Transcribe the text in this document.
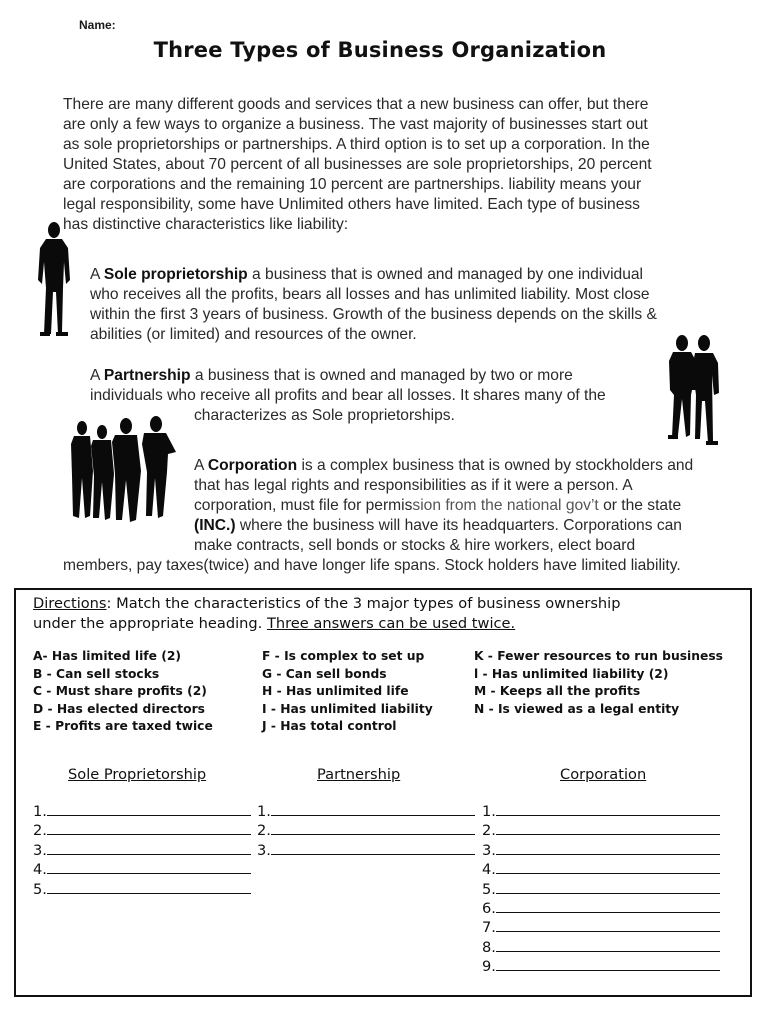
Name:
Three Types of Business Organization
There are many different goods and services that a new business can offer, but there
are only a few ways to organize a business. The vast majority of businesses start out
as sole proprietorships or partnerships. A third option is to set up a corporation. In the
United States, about 70 percent of all businesses are sole proprietorships, 20 percent
are corporations and the remaining 10 percent are partnerships. liability means your
legal responsibility, some have Unlimited others have limited. Each type of business
has distinctive characteristics like liability:
A Sole proprietorship a business that is owned and managed by one individual
who receives all the profits, bears all losses and has unlimited liability. Most close
within the first 3 years of business. Growth of the business depends on the skills &
abilities (or limited) and resources of the owner.
A Partnership a business that is owned and managed by two or more
individuals who receive all profits and bear all losses. It shares many of the
characterizes as Sole proprietorships.
A Corporation is a complex business that is owned by stockholders and
that has legal rights and responsibilities as if it were a person. A
corporation, must file for permission from the national gov’t or the state
(INC.) where the business will have its headquarters. Corporations can
make contracts, sell bonds or stocks & hire workers, elect board
members, pay taxes(twice) and have longer life spans. Stock holders have limited liability.
Directions: Match the characteristics of the 3 major types of business ownership
under the appropriate heading. Three answers can be used twice.
A- Has limited life (2)
B - Can sell stocks
C - Must share profits (2)
D - Has elected directors
E - Profits are taxed twice
F - Is complex to set up
G - Can sell bonds
H - Has unlimited life
I - Has unlimited liability
J - Has total control
K - Fewer resources to run business
l - Has unlimited liability (2)
M - Keeps all the profits
N - Is viewed as a legal entity
Sole Proprietorship	Partnership	Corporation
1.
2.
3.
4.
5.
1.
2.
3.
1.
2.
3.
4.
5.
6.
7.
8.
9.
